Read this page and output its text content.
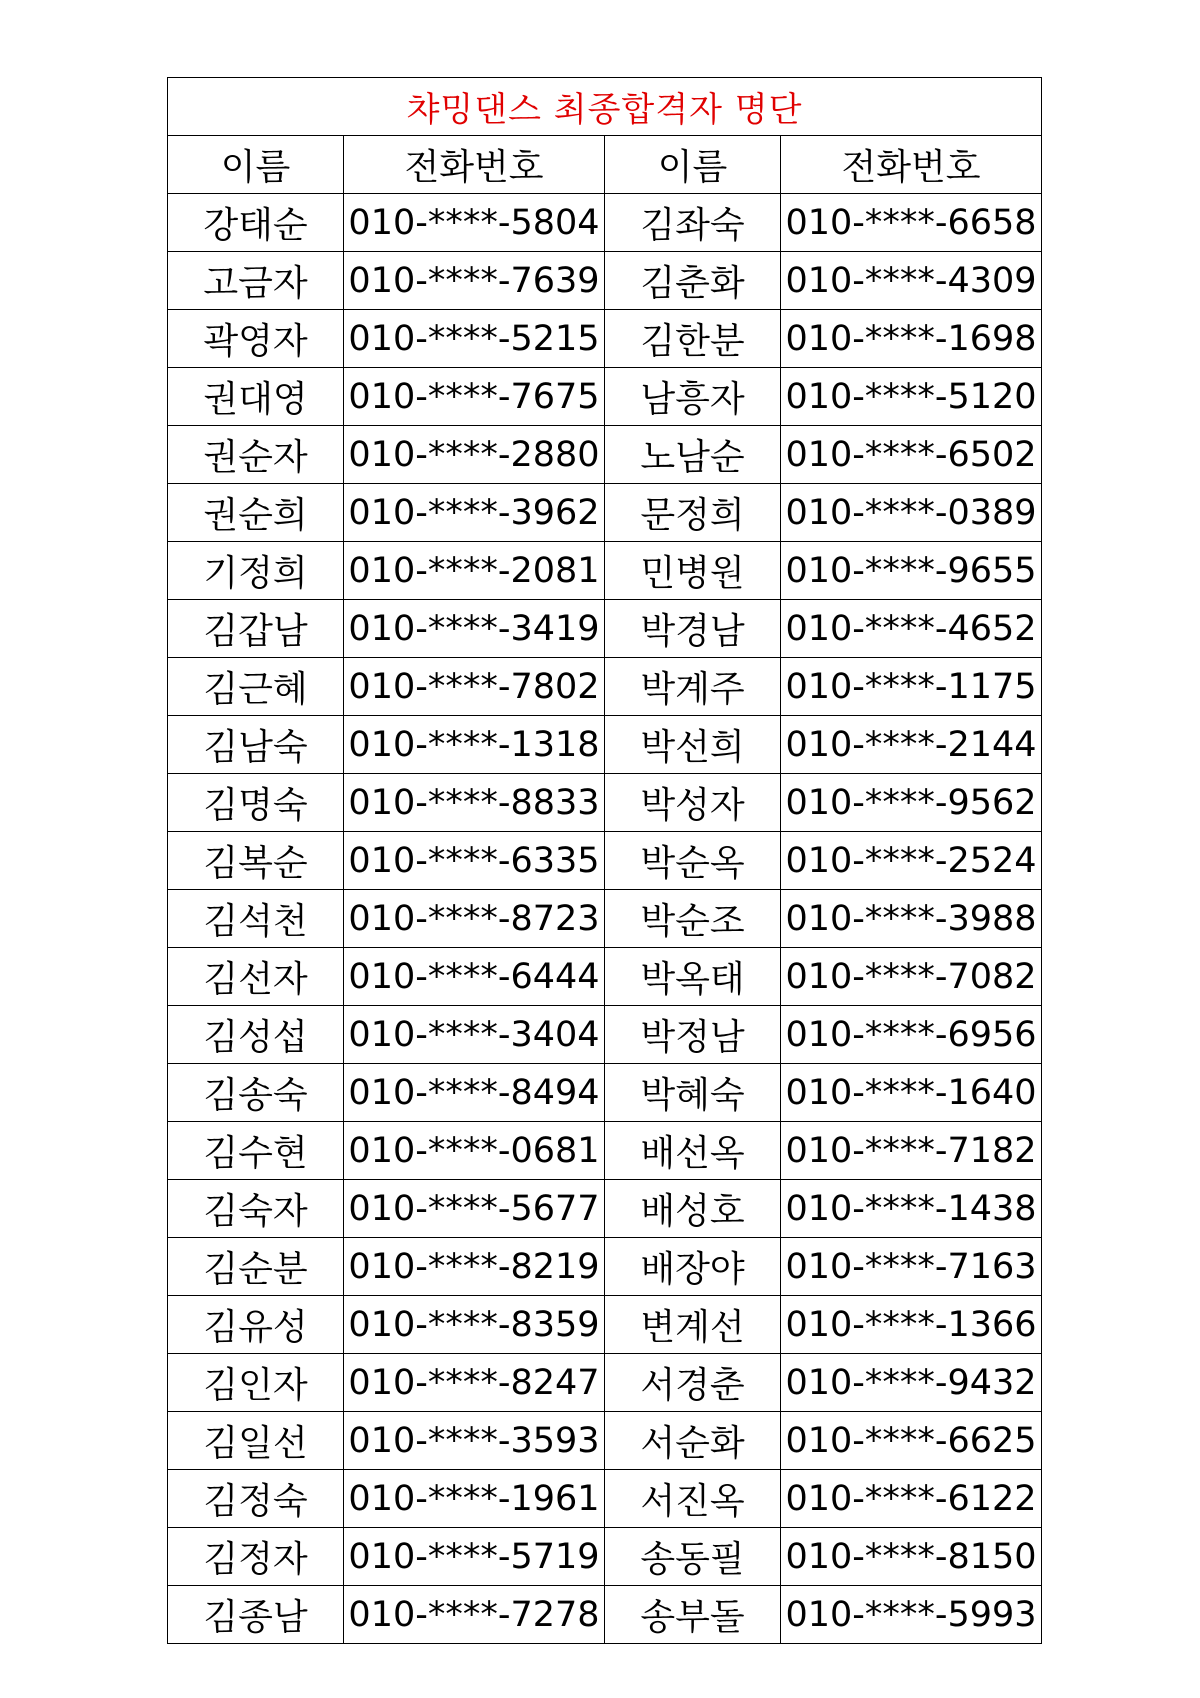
챠밍댄스 최종합격자 명단			
이름	전화번호	이름	전화번호
강태순	010-****-5804	김좌숙	010-****-6658
고금자	010-****-7639	김춘화	010-****-4309
곽영자	010-****-5215	김한분	010-****-1698
권대영	010-****-7675	남흥자	010-****-5120
권순자	010-****-2880	노남순	010-****-6502
권순희	010-****-3962	문정희	010-****-0389
기정희	010-****-2081	민병원	010-****-9655
김갑남	010-****-3419	박경남	010-****-4652
김근혜	010-****-7802	박계주	010-****-1175
김남숙	010-****-1318	박선희	010-****-2144
김명숙	010-****-8833	박성자	010-****-9562
김복순	010-****-6335	박순옥	010-****-2524
김석천	010-****-8723	박순조	010-****-3988
김선자	010-****-6444	박옥태	010-****-7082
김성섭	010-****-3404	박정남	010-****-6956
김송숙	010-****-8494	박혜숙	010-****-1640
김수현	010-****-0681	배선옥	010-****-7182
김숙자	010-****-5677	배성호	010-****-1438
김순분	010-****-8219	배장야	010-****-7163
김유성	010-****-8359	변계선	010-****-1366
김인자	010-****-8247	서경춘	010-****-9432
김일선	010-****-3593	서순화	010-****-6625
김정숙	010-****-1961	서진옥	010-****-6122
김정자	010-****-5719	송동필	010-****-8150
김종남	010-****-7278	송부돌	010-****-5993
